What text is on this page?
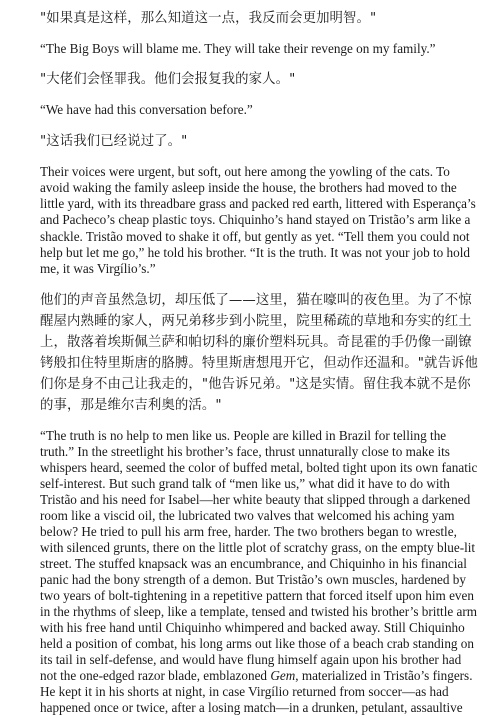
"如果真是这样，那么知道这一点，我反而会更加明智。"

“The Big Boys will blame me. They will take their revenge on my family.”

"大佬们会怪罪我。他们会报复我的家人。"

“We have had this conversation before.”

"这话我们已经说过了。"

Their voices were urgent, but soft, out here among the yowling of the cats. To avoid waking the family asleep inside the house, the brothers had moved to the little yard, with its threadbare grass and packed red earth, littered with Esperança’s and Pacheco’s cheap plastic toys. Chiquinho’s hand stayed on Tristão’s arm like a shackle. Tristão moved to shake it off, but gently as yet. “Tell them you could not help but let me go,” he told his brother. “It is the truth. It was not your job to hold me, it was Virgílio’s.”

他们的声音虽然急切，却压低了——这里，猫在嚎叫的夜色里。为了不惊醒屋内熟睡的家人，两兄弟移步到小院里，院里稀疏的草地和夯实的红土上，散落着埃斯佩兰萨和帕切科的廉价塑料玩具。奇昆霍的手仍像一副镣铐般扣住特里斯唐的胳膊。特里斯唐想甩开它，但动作还温和。"就告诉他们你是身不由己让我走的，"他告诉兄弟。"这是实情。留住我本就不是你的事，那是维尔吉利奥的活。"

“The truth is no help to men like us. People are killed in Brazil for telling the truth.” In the streetlight his brother’s face, thrust unnaturally close to make its whispers heard, seemed the color of buffed metal, bolted tight upon its own fanatic self-interest. But such grand talk of “men like us,” what did it have to do with Tristão and his need for Isabel—her white beauty that slipped through a darkened room like a viscid oil, the lubricated two valves that welcomed his aching yam below? He tried to pull his arm free, harder. The two brothers began to wrestle, with silenced grunts, there on the little plot of scratchy grass, on the empty blue-lit street. The stuffed knapsack was an encumbrance, and Chiquinho in his financial panic had the bony strength of a demon. But Tristão’s own muscles, hardened by two years of bolt-tightening in a repetitive pattern that forced itself upon him even in the rhythms of sleep, like a template, tensed and twisted his brother’s brittle arm with his free hand until Chiquinho whimpered and backed away. Still Chiquinho held a position of combat, his long arms out like those of a beach crab standing on its tail in self-defense, and would have flung himself again upon his brother had not the one-edged razor blade, emblazoned Gem, materialized in Tristão’s fingers. He kept it in his shorts at night, in case Virgílio returned from soccer—as had happened once or twice, after a losing match—in a drunken, petulant, assaultive
